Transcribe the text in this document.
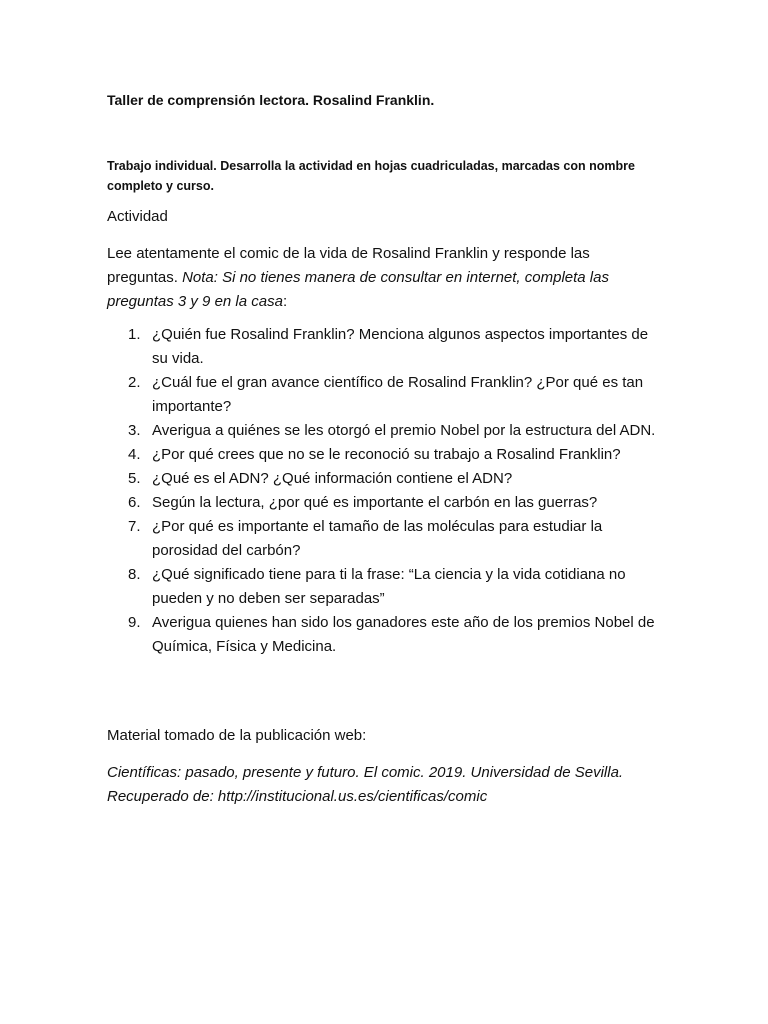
Taller de comprensión lectora. Rosalind Franklin.
Trabajo individual. Desarrolla la actividad en hojas cuadriculadas, marcadas con nombre completo y curso.
Actividad
Lee atentamente el comic de la vida de Rosalind Franklin y responde las preguntas. Nota: Si no tienes manera de consultar en internet, completa las preguntas 3 y 9 en la casa:
1. ¿Quién fue Rosalind Franklin? Menciona algunos aspectos importantes de su vida.
2. ¿Cuál fue el gran avance científico de Rosalind Franklin? ¿Por qué es tan importante?
3. Averigua a quiénes se les otorgó el premio Nobel por la estructura del ADN.
4. ¿Por qué crees que no se le reconoció su trabajo a Rosalind Franklin?
5. ¿Qué es el ADN? ¿Qué información contiene el ADN?
6. Según la lectura, ¿por qué es importante el carbón en las guerras?
7. ¿Por qué es importante el tamaño de las moléculas para estudiar la porosidad del carbón?
8. ¿Qué significado tiene para ti la frase: “La ciencia y la vida cotidiana no pueden y no deben ser separadas”
9. Averigua quienes han sido los ganadores este año de los premios Nobel de Química, Física y Medicina.
Material tomado de la publicación web:
Científicas: pasado, presente y futuro. El comic. 2019. Universidad de Sevilla.
Recuperado de: http://institucional.us.es/cientificas/comic
